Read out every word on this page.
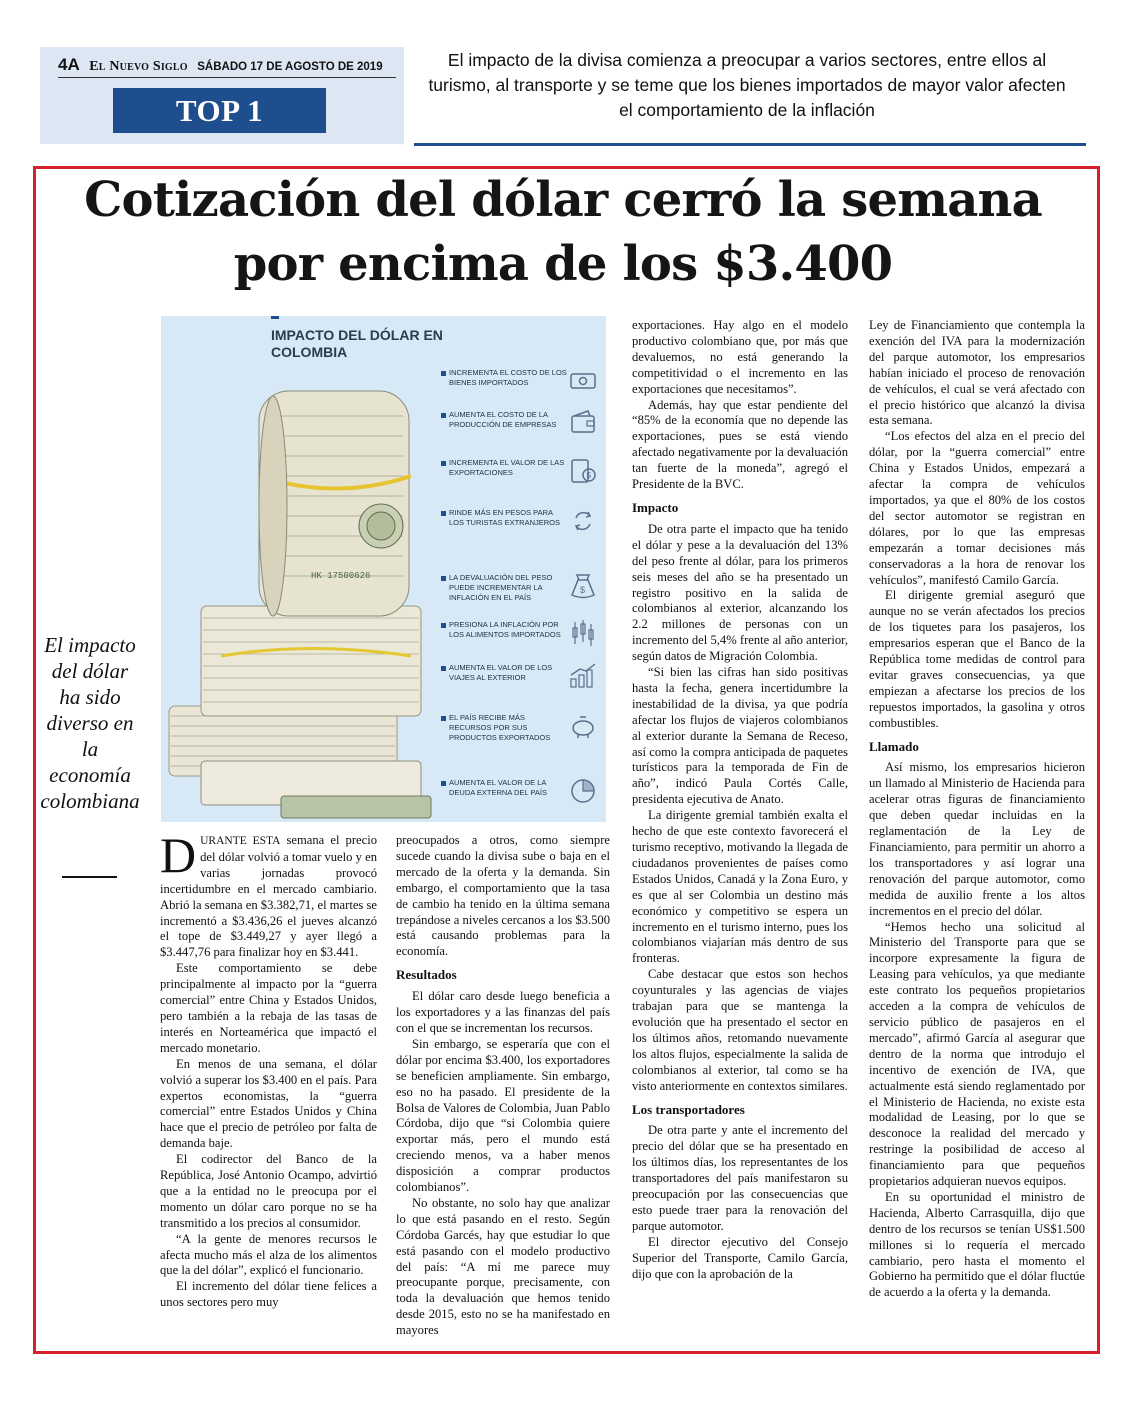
4A El Nuevo Siglo SÁBADO 17 DE AGOSTO DE 2019
TOP 1
El impacto de la divisa comienza a preocupar a varios sectores, entre ellos al turismo, al transporte y se teme que los bienes importados de mayor valor afecten el comportamiento de la inflación
Cotización del dólar cerró la semana por encima de los $3.400
El impacto del dólar ha sido diverso en la economía colombiana
IMPACTO DEL DÓLAR EN COLOMBIA
HK 17500626
INCREMENTA EL COSTO DE LOS BIENES IMPORTADOS
AUMENTA EL COSTO DE LA PRODUCCIÓN DE EMPRESAS
INCREMENTA EL VALOR DE LAS EXPORTACIONES	$
RINDE MÁS EN PESOS PARA LOS TURISTAS EXTRANJEROS
LA DEVALUACIÓN DEL PESO PUEDE INCREMENTAR LA INFLACIÓN EN EL PAÍS
$
PRESIONA LA INFLACIÓN POR LOS ALIMENTOS IMPORTADOS
AUMENTA EL VALOR DE LOS VIAJES AL EXTERIOR
EL PAÍS RECIBE MÁS RECURSOS POR SUS PRODUCTOS EXPORTADOS
AUMENTA EL VALOR DE LA DEUDA EXTERNA DEL PAÍS

DURANTE ESTA semana el precio del dólar volvió a tomar vuelo y en varias jornadas provocó incertidumbre en el mercado cambiario. Abrió la semana en $3.382,71, el martes se incrementó a $3.436,26 el jueves alcanzó el tope de $3.449,27 y ayer llegó a $3.447,76 para finalizar hoy en $3.441.

Este comportamiento se debe principalmente al impacto por la “guerra comercial” entre China y Estados Unidos, pero también a la rebaja de las tasas de interés en Norteamérica que impactó el mercado monetario.

En menos de una semana, el dólar volvió a superar los $3.400 en el país. Para expertos economistas, la “guerra comercial” entre Estados Unidos y China hace que el precio de petróleo por falta de demanda baje.

El codirector del Banco de la República, José Antonio Ocampo, advirtió que a la entidad no le preocupa por el momento un dólar caro porque no se ha transmitido a los precios al consumidor.

“A la gente de menores recursos le afecta mucho más el alza de los alimentos que la del dólar”, explicó el funcionario.

El incremento del dólar tiene felices a unos sectores pero muy

preocupados a otros, como siempre sucede cuando la divisa sube o baja en el mercado de la oferta y la demanda. Sin embargo, el comportamiento que la tasa de cambio ha tenido en la última semana trepándose a niveles cercanos a los $3.500 está causando problemas para la economía.

Resultados

El dólar caro desde luego beneficia a los exportadores y a las finanzas del país con el que se incrementan los recursos.

Sin embargo, se esperaría que con el dólar por encima $3.400, los exportadores se beneficien ampliamente. Sin embargo, eso no ha pasado. El presidente de la Bolsa de Valores de Colombia, Juan Pablo Córdoba, dijo que “si Colombia quiere exportar más, pero el mundo está creciendo menos, va a haber menos disposición a comprar productos colombianos”.

No obstante, no solo hay que analizar lo que está pasando en el resto. Según Córdoba Garcés, hay que estudiar lo que está pasando con el modelo productivo del país: “A mí me parece muy preocupante porque, precisamente, con toda la devaluación que hemos tenido desde 2015, esto no se ha manifestado en mayores

exportaciones. Hay algo en el modelo productivo colombiano que, por más que devaluemos, no está generando la competitividad o el incremento en las exportaciones que necesitamos”.

Además, hay que estar pendiente del “85% de la economía que no depende las exportaciones, pues se está viendo afectado negativamente por la devaluación tan fuerte de la moneda”, agregó el Presidente de la BVC.

Impacto

De otra parte el impacto que ha tenido el dólar y pese a la devaluación del 13% del peso frente al dólar, para los primeros seis meses del año se ha presentado un registro positivo en la salida de colombianos al exterior, alcanzando los 2.2 millones de personas con un incremento del 5,4% frente al año anterior, según datos de Migración Colombia.

“Si bien las cifras han sido positivas hasta la fecha, genera incertidumbre la inestabilidad de la divisa, ya que podría afectar los flujos de viajeros colombianos al exterior durante la Semana de Receso, así como la compra anticipada de paquetes turísticos para la temporada de Fin de año”, indicó Paula Cortés Calle, presidenta ejecutiva de Anato.

La dirigente gremial también exalta el hecho de que este contexto favorecerá el turismo receptivo, motivando la llegada de ciudadanos provenientes de países como Estados Unidos, Canadá y la Zona Euro, y es que al ser Colombia un destino más económico y competitivo se espera un incremento en el turismo interno, pues los colombianos viajarían más dentro de sus fronteras.

Cabe destacar que estos son hechos coyunturales y las agencias de viajes trabajan para que se mantenga la evolución que ha presentado el sector en los últimos años, retomando nuevamente los altos flujos, especialmente la salida de colombianos al exterior, tal como se ha visto anteriormente en contextos similares.

Los transportadores

De otra parte y ante el incremento del precio del dólar que se ha presentado en los últimos días, los representantes de los transportadores del país manifestaron su preocupación por las consecuencias que esto puede traer para la renovación del parque automotor.

El director ejecutivo del Consejo Superior del Transporte, Camilo García, dijo que con la aprobación de la

Ley de Financiamiento que contempla la exención del IVA para la modernización del parque automotor, los empresarios habían iniciado el proceso de renovación de vehículos, el cual se verá afectado con el precio histórico que alcanzó la divisa esta semana.

“Los efectos del alza en el precio del dólar, por la “guerra comercial” entre China y Estados Unidos, empezará a afectar la compra de vehículos importados, ya que el 80% de los costos del sector automotor se registran en dólares, por lo que las empresas empezarán a tomar decisiones más conservadoras a la hora de renovar los vehículos”, manifestó Camilo García.

El dirigente gremial aseguró que aunque no se verán afectados los precios de los tiquetes para los pasajeros, los empresarios esperan que el Banco de la República tome medidas de control para evitar graves consecuencias, ya que empiezan a afectarse los precios de los repuestos importados, la gasolina y otros combustibles.

Llamado

Así mismo, los empresarios hicieron un llamado al Ministerio de Hacienda para acelerar otras figuras de financiamiento que deben quedar incluidas en la reglamentación de la Ley de Financiamiento, para permitir un ahorro a los transportadores y así lograr una renovación del parque automotor, como medida de auxilio frente a los altos incrementos en el precio del dólar.

“Hemos hecho una solicitud al Ministerio del Transporte para que se incorpore expresamente la figura de Leasing para vehículos, ya que mediante este contrato los pequeños propietarios acceden a la compra de vehículos de servicio público de pasajeros en el mercado”, afirmó García al asegurar que dentro de la norma que introdujo el incentivo de exención de IVA, que actualmente está siendo reglamentado por el Ministerio de Hacienda, no existe esta modalidad de Leasing, por lo que se desconoce la realidad del mercado y restringe la posibilidad de acceso al financiamiento para que pequeños propietarios adquieran nuevos equipos.

En su oportunidad el ministro de Hacienda, Alberto Carrasquilla, dijo que dentro de los recursos se tenían US$1.500 millones si lo requería el mercado cambiario, pero hasta el momento el Gobierno ha permitido que el dólar fluctúe de acuerdo a la oferta y la demanda.
